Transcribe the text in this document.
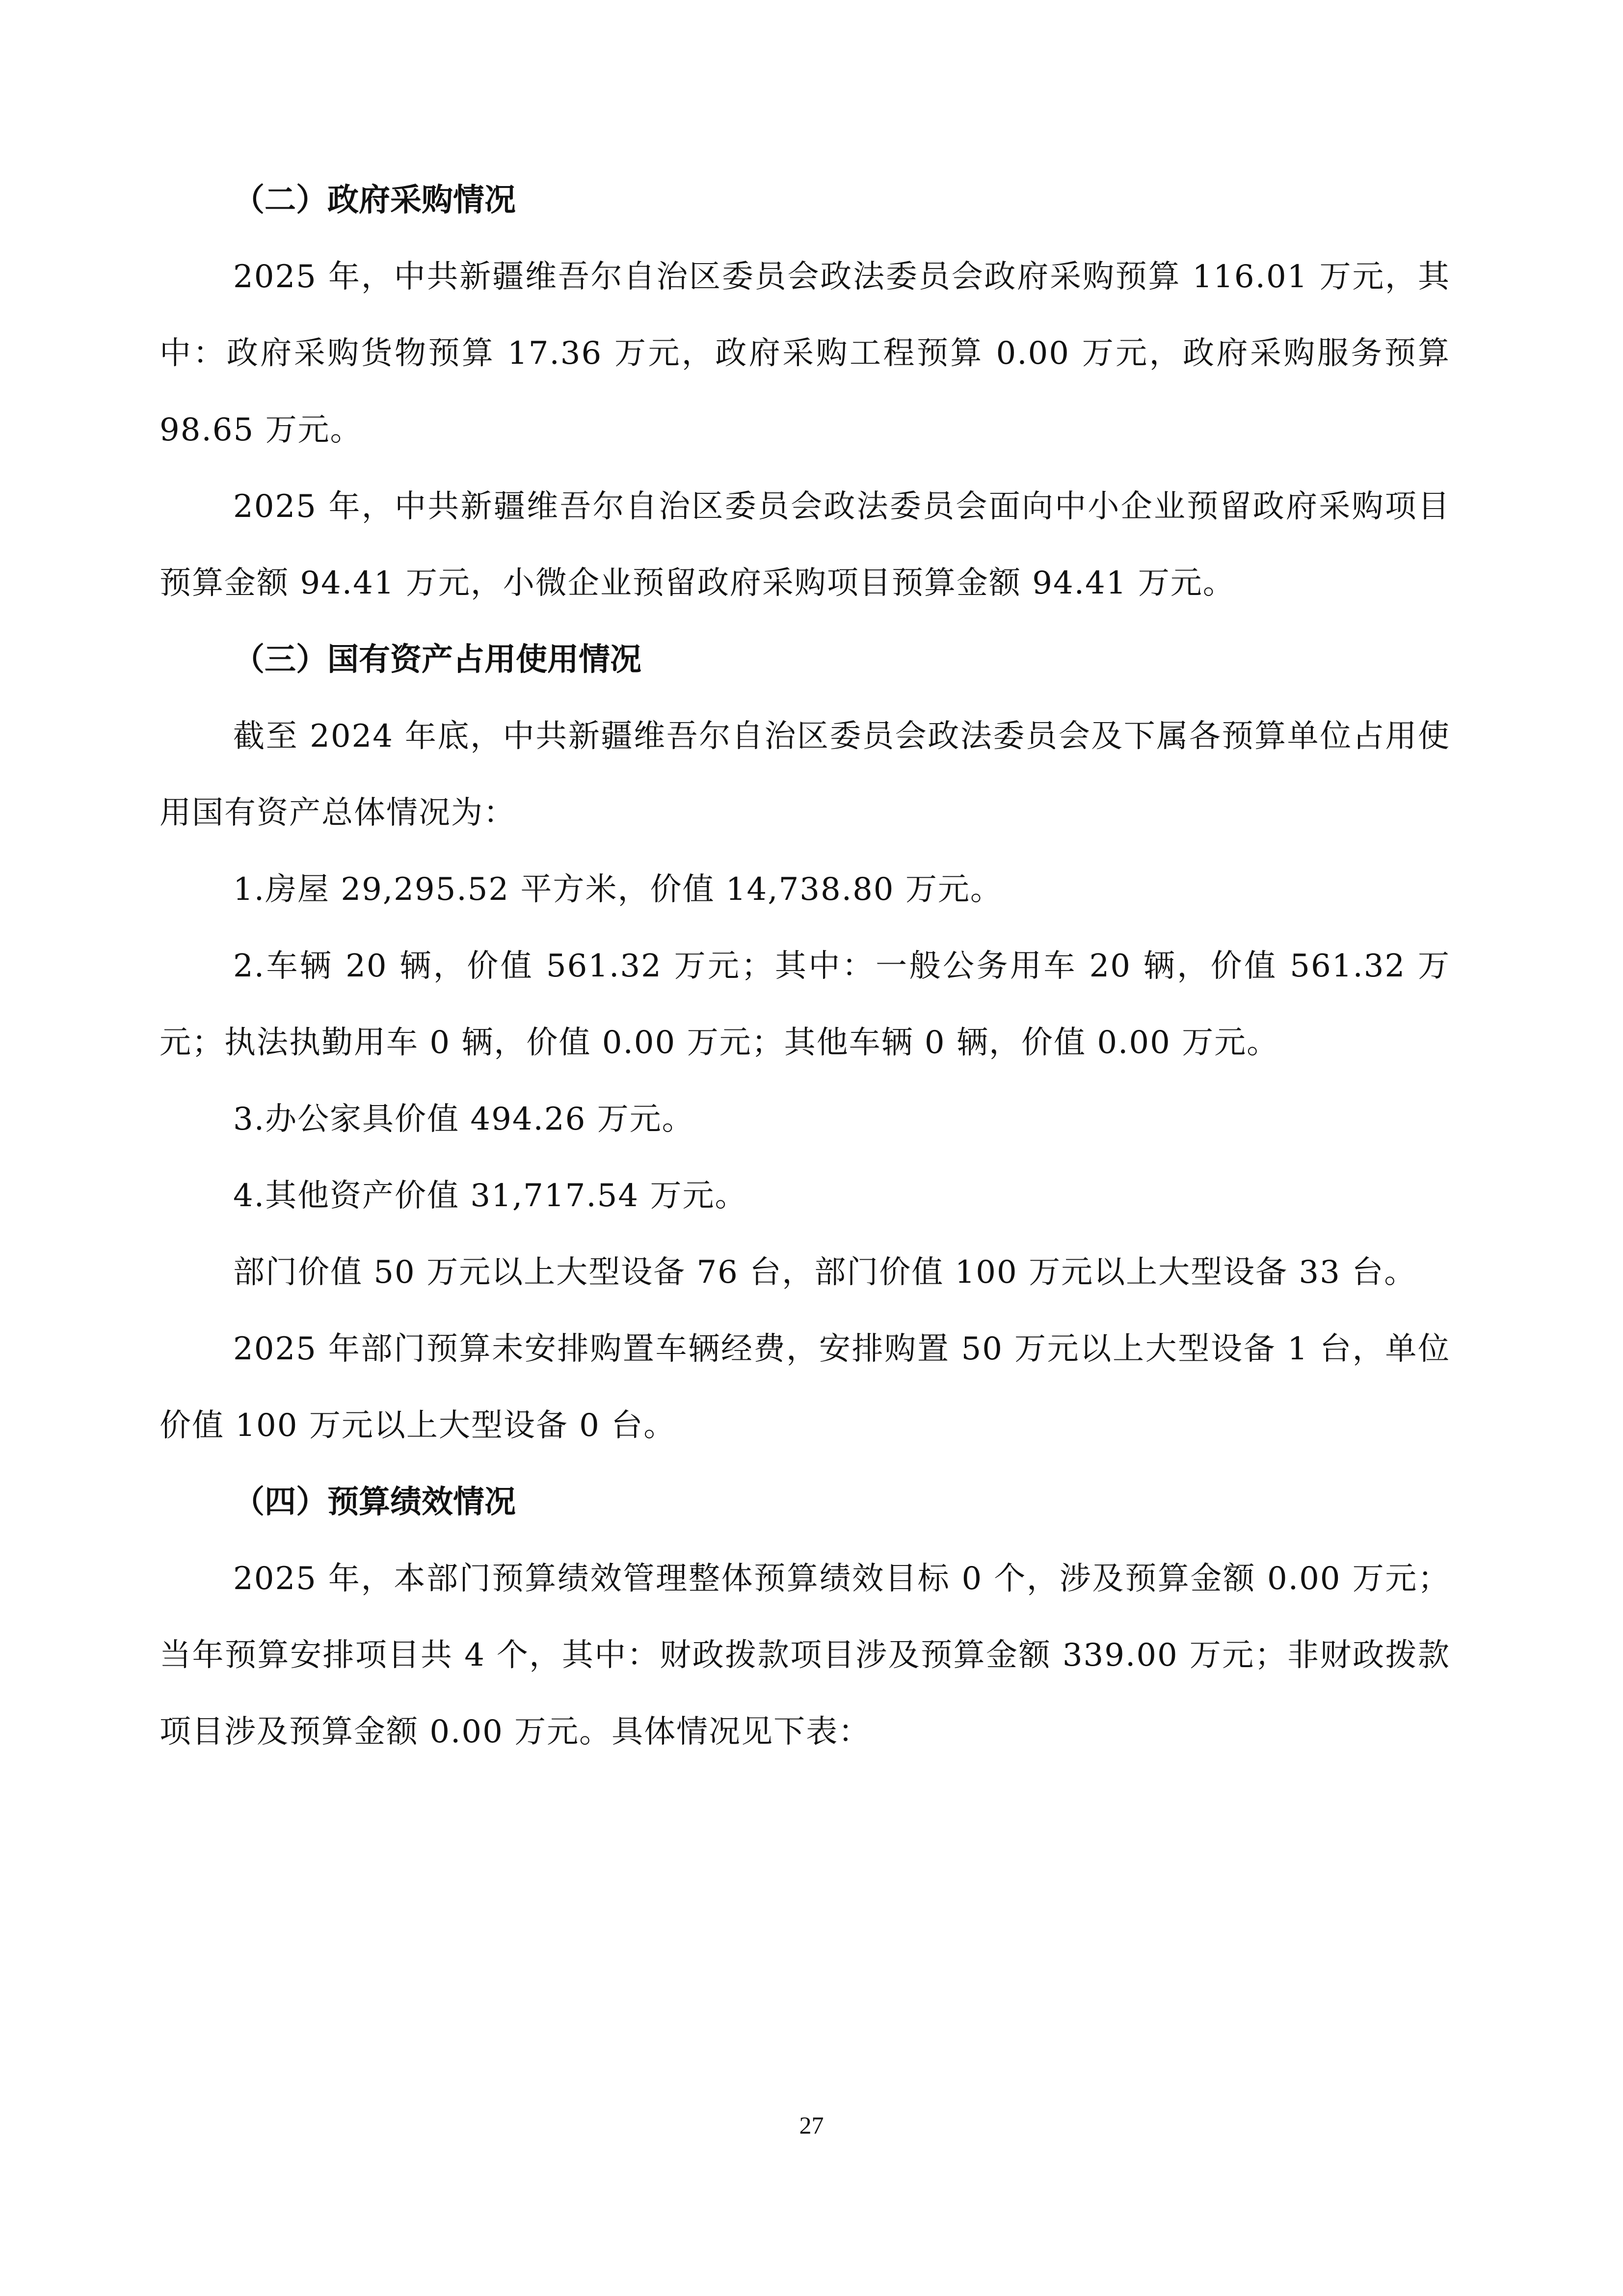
（二）政府采购情况

2025 年，中共新疆维吾尔自治区委员会政法委员会政府采购预算 116.01 万元，其中：政府采购货物预算 17.36 万元，政府采购工程预算 0.00 万元，政府采购服务预算 98.65 万元。

2025 年，中共新疆维吾尔自治区委员会政法委员会面向中小企业预留政府采购项目预算金额 94.41 万元，小微企业预留政府采购项目预算金额 94.41 万元。

（三）国有资产占用使用情况

截至 2024 年底，中共新疆维吾尔自治区委员会政法委员会及下属各预算单位占用使用国有资产总体情况为：

1.房屋 29,295.52 平方米，价值 14,738.80 万元。

2.车辆 20 辆，价值 561.32 万元；其中：一般公务用车 20 辆，价值 561.32 万元；执法执勤用车 0 辆，价值 0.00 万元；其他车辆 0 辆，价值 0.00 万元。

3.办公家具价值 494.26 万元。

4.其他资产价值 31,717.54 万元。

部门价值 50 万元以上大型设备 76 台，部门价值 100 万元以上大型设备 33 台。

2025 年部门预算未安排购置车辆经费，安排购置 50 万元以上大型设备 1 台，单位价值 100 万元以上大型设备 0 台。

（四）预算绩效情况

2025 年，本部门预算绩效管理整体预算绩效目标 0 个，涉及预算金额 0.00 万元；当年预算安排项目共 4 个，其中：财政拨款项目涉及预算金额 339.00 万元；非财政拨款项目涉及预算金额 0.00 万元。具体情况见下表：

27
